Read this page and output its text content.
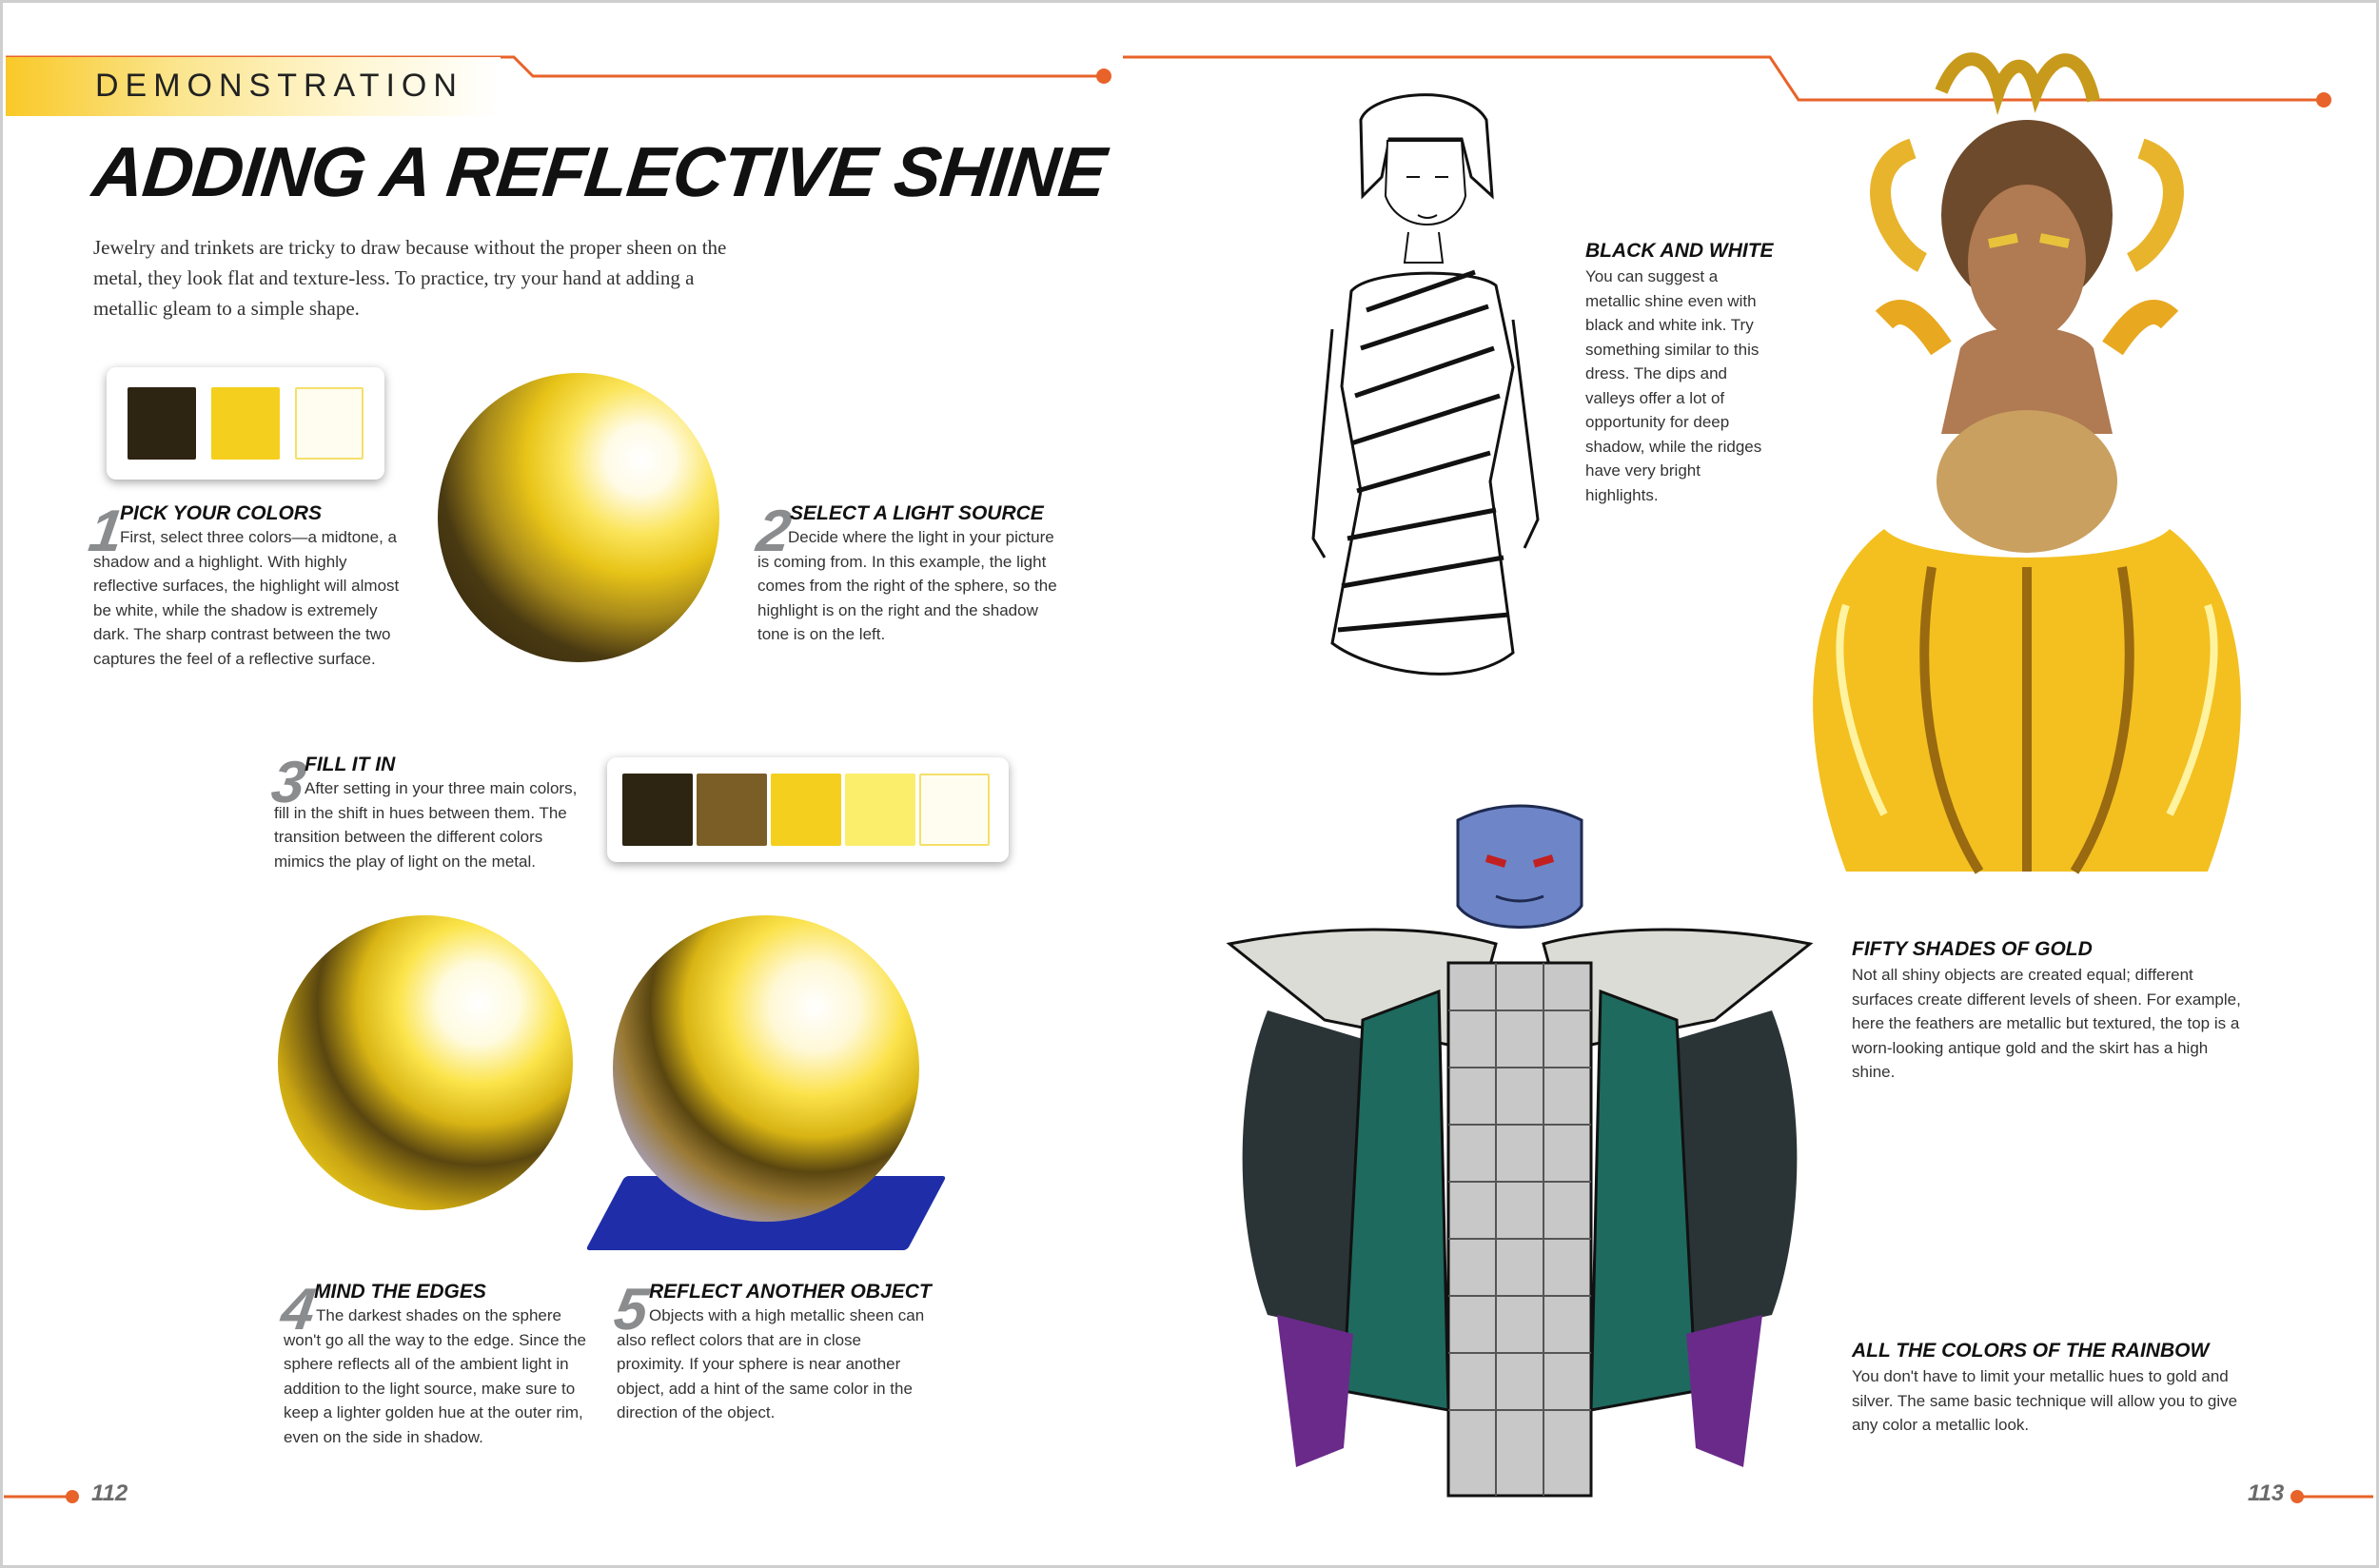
DEMONSTRATION
ADDING A REFLECTIVE SHINE
Jewelry and trinkets are tricky to draw because without the proper sheen on the metal, they look flat and texture-less. To practice, try your hand at adding a metallic gleam to a simple shape.
1
PICK YOUR COLORS
First, select three colors—a midtone, a shadow and a highlight. With highly reflective surfaces, the highlight will almost be white, while the shadow is extremely dark. The sharp contrast between the two captures the feel of a reflective surface.
2
SELECT A LIGHT SOURCE
Decide where the light in your picture is coming from. In this example, the light comes from the right of the sphere, so the highlight is on the right and the shadow tone is on the left.
3
FILL IT IN
After setting in your three main colors, fill in the shift in hues between them. The transition between the different colors mimics the play of light on the metal.
4
MIND THE EDGES
The darkest shades on the sphere won't go all the way to the edge. Since the sphere reflects all of the ambient light in addition to the light source, make sure to keep a lighter golden hue at the outer rim, even on the side in shadow.
5
REFLECT ANOTHER OBJECT
Objects with a high metallic sheen can also reflect colors that are in close proximity. If your sphere is near another object, add a hint of the same color in the direction of the object.
BLACK AND WHITE
You can suggest a metallic shine even with black and white ink. Try something similar to this dress. The dips and valleys offer a lot of opportunity for deep shadow, while the ridges have very bright highlights.
FIFTY SHADES OF GOLD
Not all shiny objects are created equal; different surfaces create different levels of sheen. For example, here the feathers are metallic but textured, the top is a worn-looking antique gold and the skirt has a high shine.
ALL THE COLORS OF THE RAINBOW
You don't have to limit your metallic hues to gold and silver. The same basic technique will allow you to give any color a metallic look.
112	113
